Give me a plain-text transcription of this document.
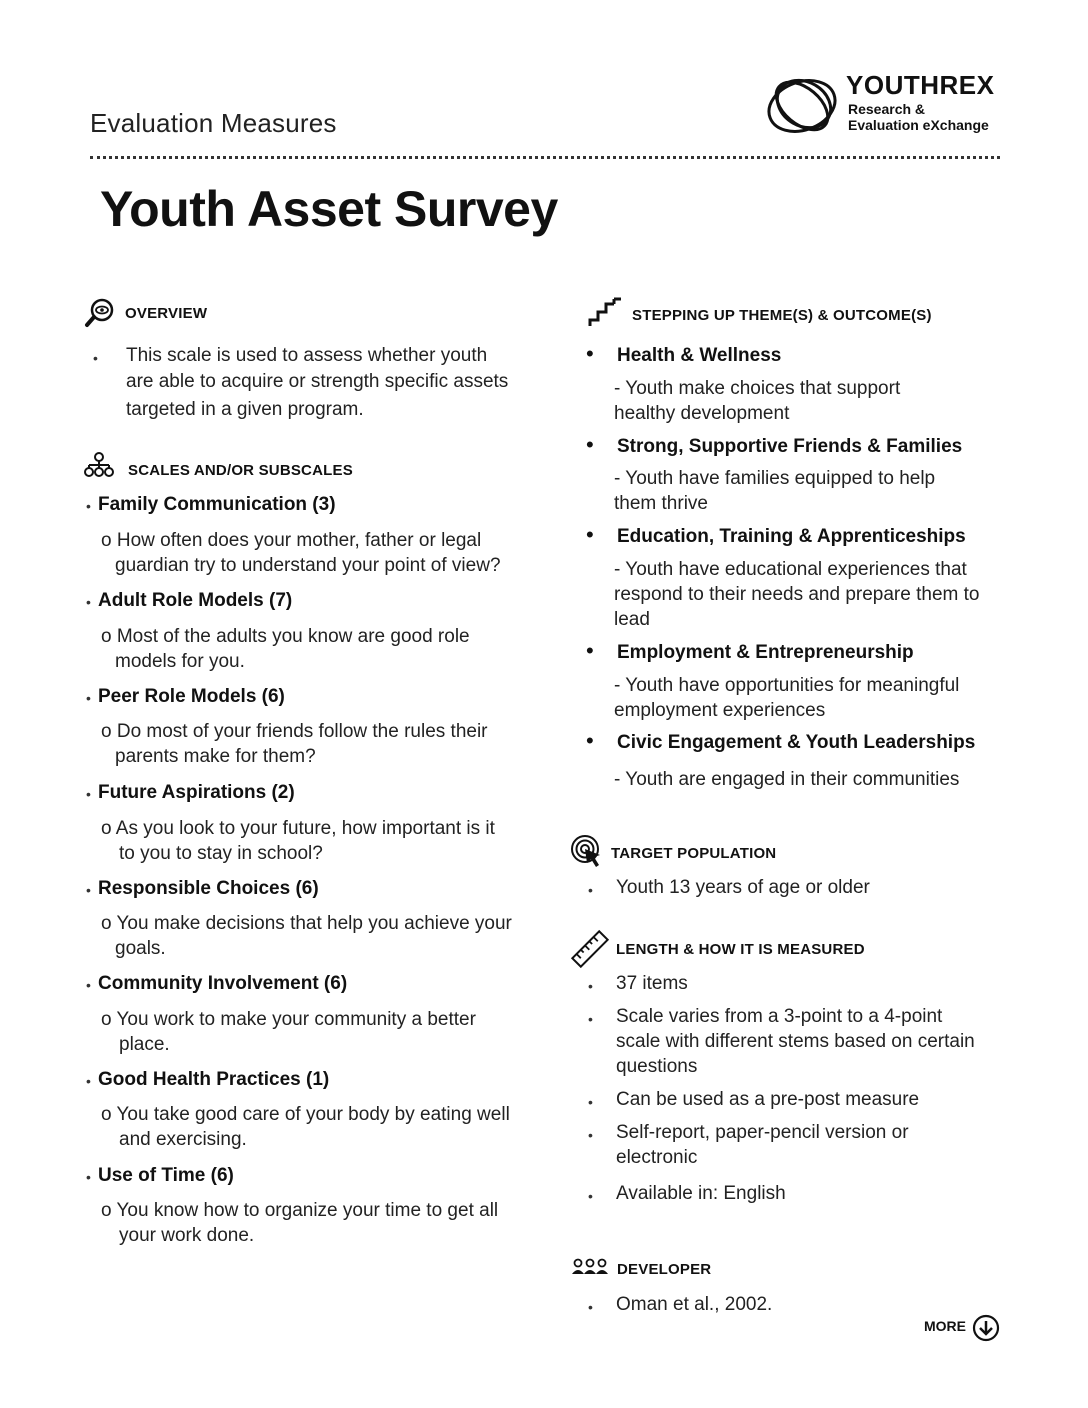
Evaluation Measures
YOUTHREX
Research &
Evaluation eXchange
Youth Asset Survey
OVERVIEW
• This scale is used to assess whether youth
are able to acquire or strength specific assets
targeted in a given program.
SCALES AND/OR SUBSCALES
• Family Communication (3)
o How often does your mother, father or legal
guardian try to understand your point of view?
• Adult Role Models (7)
o Most of the adults you know are good role
models for you.
• Peer Role Models (6)
o Do most of your friends follow the rules their
parents make for them?
• Future Aspirations (2)
o As you look to your future, how important is it
to you to stay in school?
• Responsible Choices (6)
o You make decisions that help you achieve your
goals.
• Community Involvement (6)
o You work to make your community a better
place.
• Good Health Practices (1)
o You take good care of your body by eating well
and exercising.
• Use of Time (6)
o You know how to organize your time to get all
your work done.
STEPPING UP THEME(S) & OUTCOME(S)
• Health & Wellness
- Youth make choices that support
healthy development
• Strong, Supportive Friends & Families
- Youth have families equipped to help
them thrive
• Education, Training & Apprenticeships
- Youth have educational experiences that
respond to their needs and prepare them to
lead
• Employment & Entrepreneurship
- Youth have opportunities for meaningful
employment experiences
• Civic Engagement & Youth Leaderships
- Youth are engaged in their communities
TARGET POPULATION
• Youth 13 years of age or older
LENGTH & HOW IT IS MEASURED
• 37 items
• Scale varies from a 3-point to a 4-point
scale with different stems based on certain
questions
• Can be used as a pre-post measure
• Self-report, paper-pencil version or
electronic
• Available in: English
DEVELOPER
• Oman et al., 2002.
MORE
